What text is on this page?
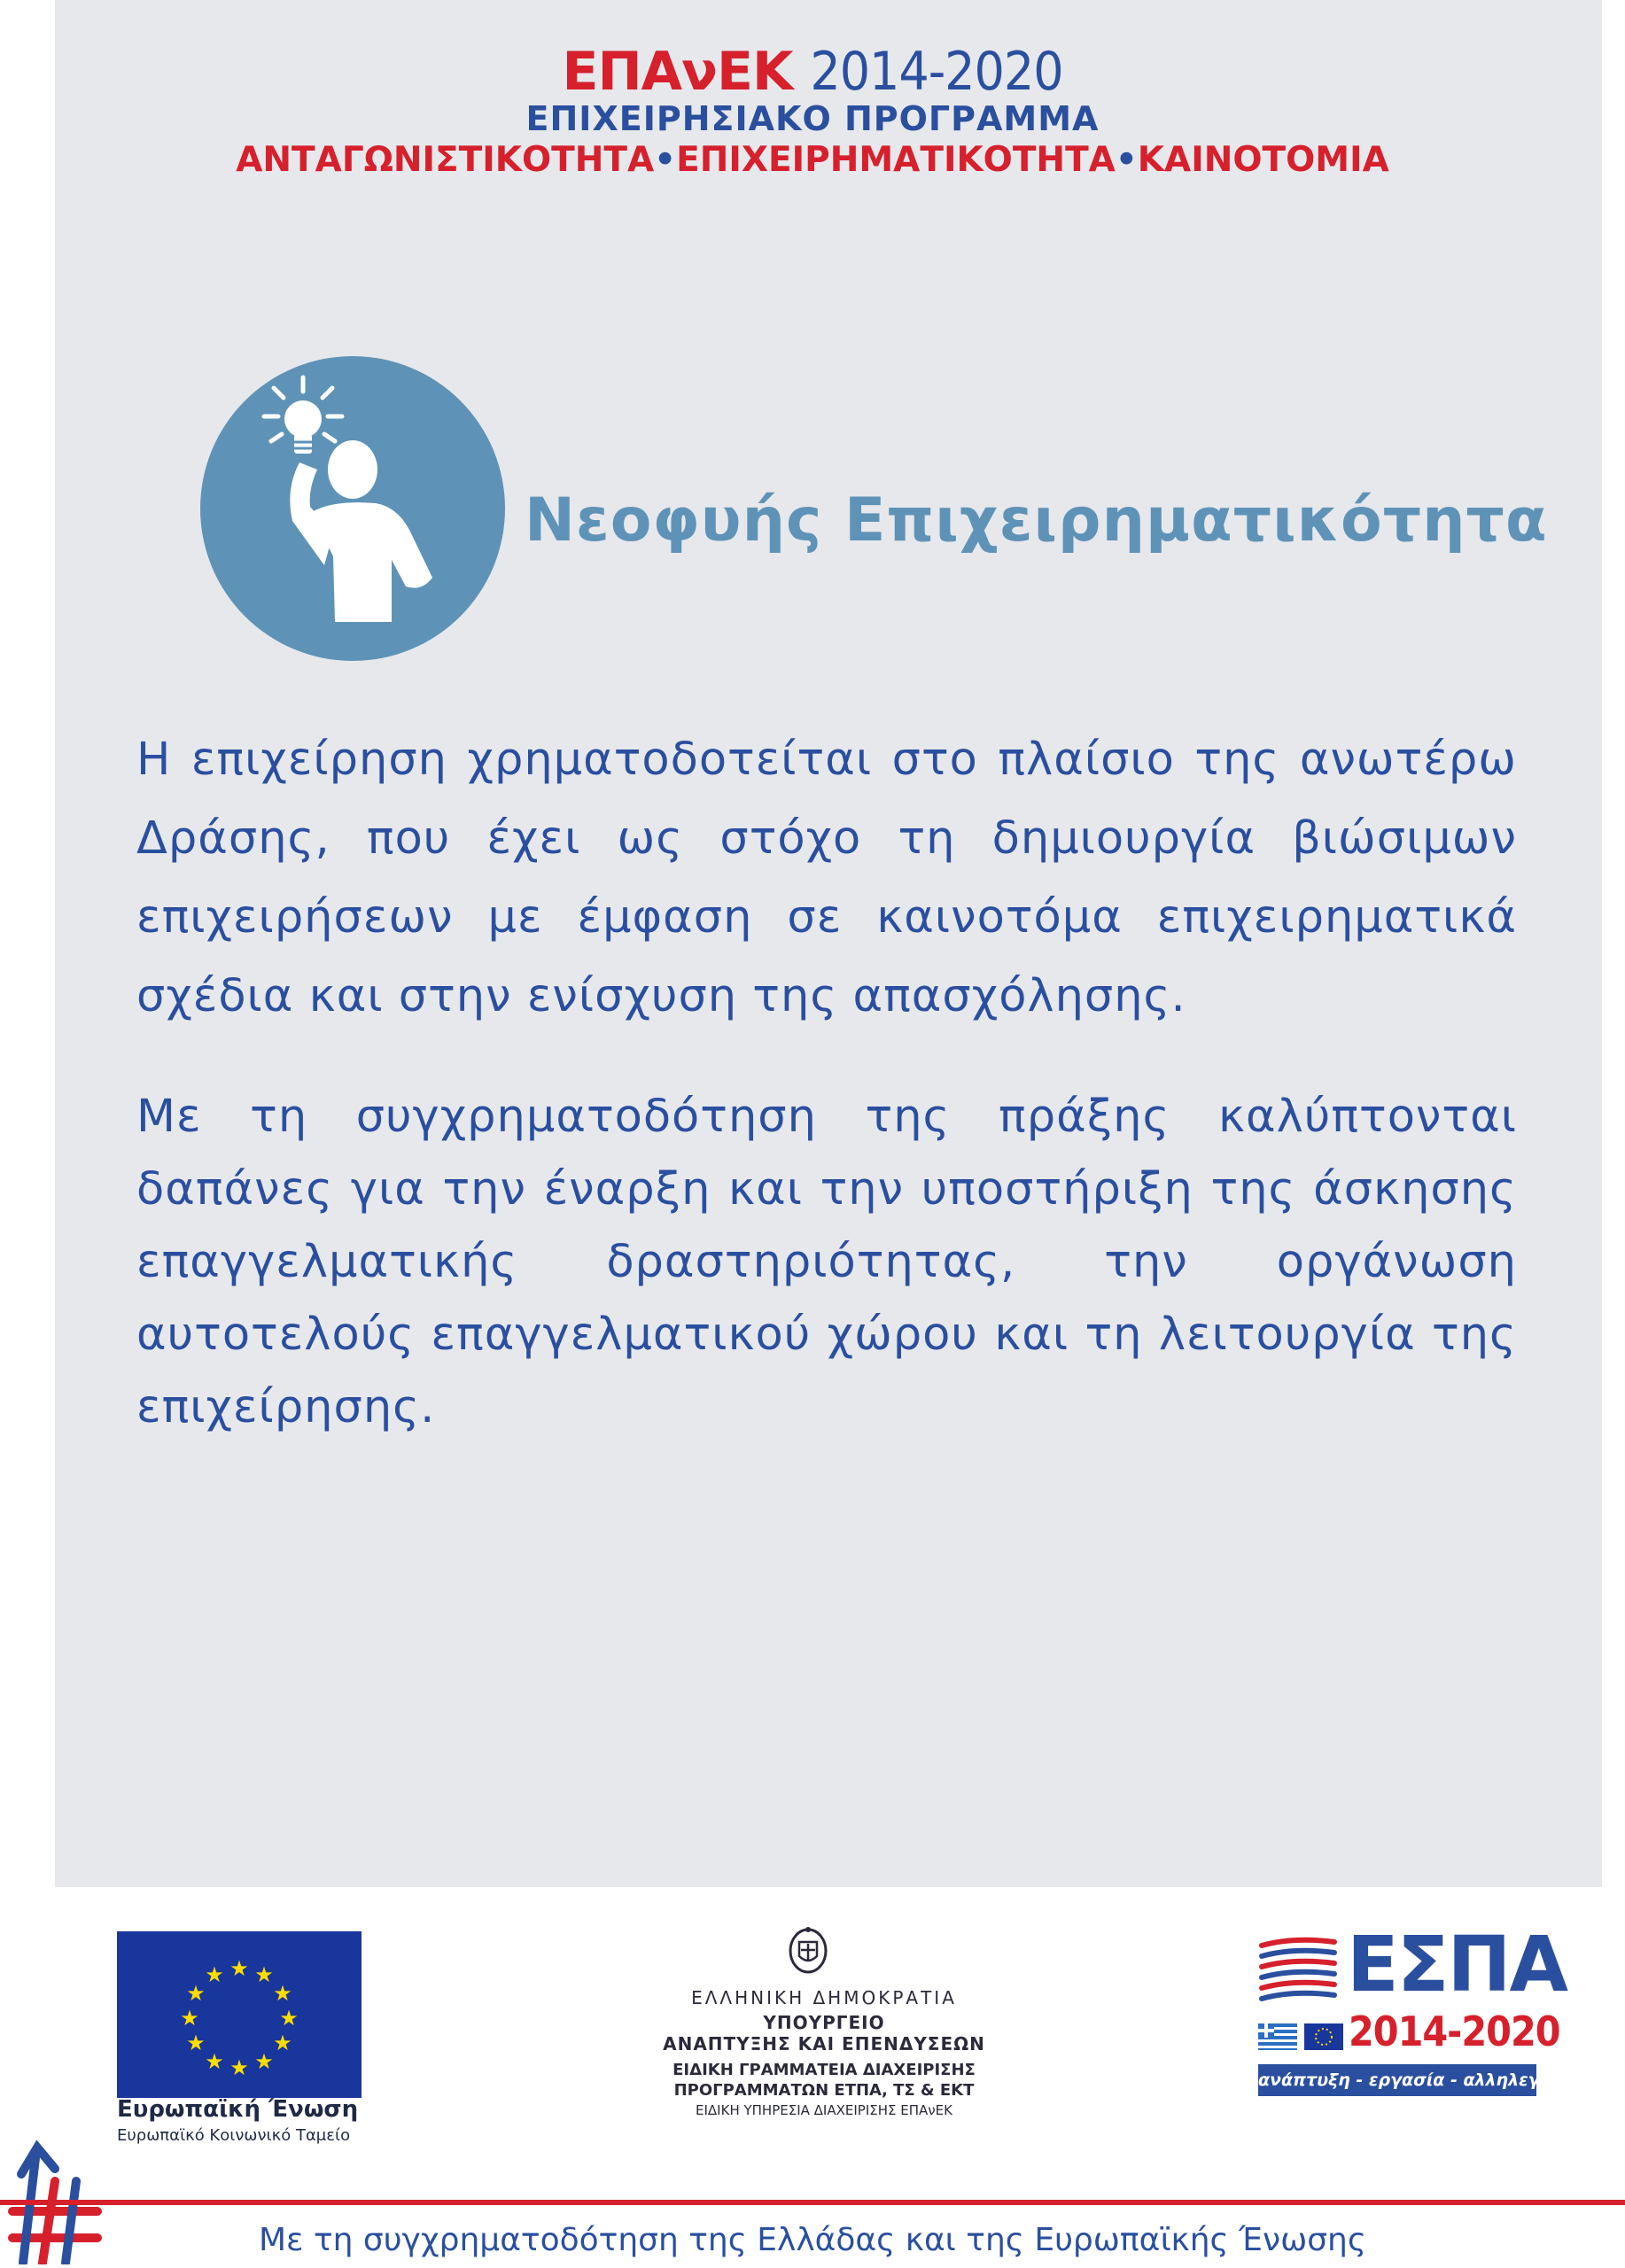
ΕΠΑνΕΚ 2014-2020
ΕΠΙΧΕΙΡΗΣΙΑΚΟ ΠΡΟΓΡΑΜΜΑ
ΑΝΤΑΓΩΝΙΣΤΙΚΟΤΗΤΑ•ΕΠΙΧΕΙΡΗΜΑΤΙΚΟΤΗΤΑ•ΚΑΙΝΟΤΟΜΙΑ
Νεοφυής Επιχειρηματικότητα
Η επιχείρηση χρηματοδοτείται στο πλαίσιο της ανωτέρω Δράσης, που έχει ως στόχο τη δημιουργία βιώσιμων επιχειρήσεων με έμφαση σε καινοτόμα επιχειρηματικά σχέδια και στην ενίσχυση της απασχόλησης.
Με τη συγχρηματοδότηση της πράξης καλύπτονται δαπάνες για την έναρξη και την υποστήριξη της άσκησης επαγγελματικής δραστηριότητας, την οργάνωση αυτοτελούς επαγγελματικού χώρου και τη λειτουργία της επιχείρησης.
★ ★
★
★
★
★
★
★
★
★
★
★
Ευρωπαϊκή Ένωση
Ευρωπαϊκό Κοινωνικό Ταμείο
ΕΛΛΗΝΙΚΗ ΔΗΜΟΚΡΑΤΙΑ
ΥΠΟΥΡΓΕΙΟ
ΑΝΑΠΤΥΞΗΣ ΚΑΙ ΕΠΕΝΔΥΣΕΩΝ
ΕΙΔΙΚΗ ΓΡΑΜΜΑΤΕΙΑ ΔΙΑΧΕΙΡΙΣΗΣ
ΠΡΟΓΡΑΜΜΑΤΩΝ ΕΤΠΑ, ΤΣ & ΕΚΤ
ΕΙΔΙΚΗ ΥΠΗΡΕΣΙΑ ΔΙΑΧΕΙΡΙΣΗΣ ΕΠΑνΕΚ
ΕΣΠΑ
2014-2020
ανάπτυξη - εργασία - αλληλεγγύη
Με τη συγχρηματοδότηση της Ελλάδας και της Ευρωπαϊκής Ένωσης
